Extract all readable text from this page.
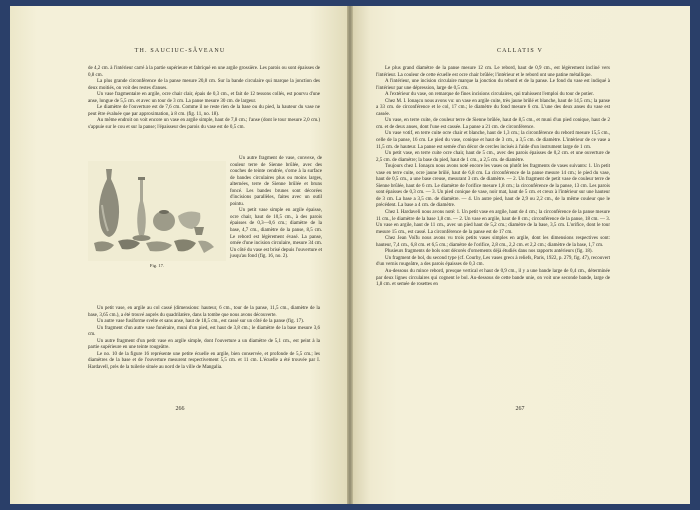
TH. SAUCIUC-SĂVEANU

de 4,2 cm. à l'intérieur carré à la partie supérieure et fabriqué en une argile grossière. Les parois ou sont épaisses de 0,8 cm.

La plus grande circonférence de la panse mesure 20,8 cm. Sur la bande circulaire qui marque la jonction des deux moitiés, on voit des restes d'anses.

Un vase fragmentaire en argile, ocre chair clair, épais de 0,3 cm., et fait de 12 tessons collés, est pourvu d'une anse, longue de 5,5 cm. et avec un tour de 3 cm. La panse mesure 30 cm. de largeur.

Le diamètre de l'ouverture est de 7,6 cm. Comme il ne reste rien de la base ou du pied, la hauteur du vase ne peut être évaluée que par approximation, à 8 cm. (fig. 11, no. 18).

Au même endroit on voit encore un vase en argile simple, haut de 7,8 cm.; l'anse (dont le tour mesure 2,0 cm.) s'appuie sur le cou et sur la panse; l'épaisseur des parois du vase est de 0,5 cm.

Fig. 17.

Un autre fragment de vase, convexe, de couleur terre de Sienne brûlée, avec des couches de teinte cendrée, s'orne à la surface de bandes circulaires plus ou moins larges, alternées, terre de Sienne brûlée et bruns foncé. Les bandes brunes sont décorées d'incisions parallèles, faites avec un outil pointu.

Un petit vase simple en argile épaisse, ocre chair, haut de 10,5 cm., à des parois épaisses de 0,3—0,6 cm.; diamètre de la base, 4,7 cm., diamètre de la panse, 8,5 cm. Le rebord est légèrement évasé. La panse, ornée d'une incision circulaire, mesure 34 cm. Un côté du vase est brisé depuis l'ouverture et jusqu'au fond (fig. 16, no. 2).

Un petit vase, en argile au col cassé (dimensions: hauteur, 6 cm., tour de la panse, 11,5 cm., diamètre de la base, 3,65 cm.), a été trouvé auprès du quadrilatère, dans la tombe que nous avons découverte.

Un autre vase fusiforme svelte et sans anse, haut de 18,5 cm., est cassé sur un côté de la panse (fig. 17).

Un fragment d'un autre vase funéraire, muni d'un pied, est haut de 3,8 cm.; le diamètre de la base mesure 3,6 cm.

Un autre fragment d'un petit vase en argile simple, dont l'ouverture a un diamètre de 5,1 cm., est peint à la partie supérieure en une teinte rougeâtre.

Le no. 10 de la figure 16 représente une petite écuelle en argile, bien conservée, et profonde de 5,5 cm.; les diamètres de la base et de l'ouverture mesurent respectivement 5,5 cm. et 11 cm. L'écuelle a été trouvée par I. Hardavell, près de la tuilerie située au nord de la ville de Mangalia.

266
CALLATIS V

Le plus grand diamètre de la panse mesure 12 cm. Le rebord, haut de 0,9 cm., est légèrement incliné vers l'intérieur. La couleur de cette écuelle est ocre chair brûlée; l'intérieur et le rebord ont une patine métallique.

A l'intérieur, une incision circulaire marque la jonction du rebord et de la panse. Le fond du vase est indiqué à l'intérieur par une dépression, large de 0,5 cm.

A l'extérieur du vase, on remarque de fines incisions circulaires, qui trahissent l'emploi du tour de potier.

Chez M. I. Ionaşcu nous avons vu: un vase en argile cuite, très jaune brûlé et blanche, haut de 14,5 cm.; la panse a 33 cm. de circonférence et le col, 17 cm.; le diamètre du fond mesure 6 cm. L'une des deux anses du vase est cassée.

Un vase, en terre cuite, de couleur terre de Sienne brûlée, haut de 8,5 cm., et muni d'un pied conique, haut de 2 cm. et de deux anses, dont l'une est cassée. La panse a 21 cm. de circonférence.

Un vase votif, en terre cuite ocre chair et blanche, haut de 1,3 cm.; la circonférence du rebord mesure 15,5 cm., celle de la panse, 16 cm. Le pied du vase, conique et haut de 3 cm., a 3,5 cm. de diamètre. L'intérieur de ce vase a 11,5 cm. de hauteur. La panse est semée d'un décor de cercles incisés à l'aide d'un instrument large de 1 cm.

Un petit vase, en terre cuite ocre chair, haut de 5 cm., avec des parois épaisses de 0,2 cm. et une ouverture de 2,5 cm. de diamètre; la base du pied, haut de 1 cm., a 2,5 cm. de diamètre.

Toujours chez I. Ionaşcu nous avons noté encore les vases ou plutôt les fragments de vases suivants: 1. Un petit vase en terre cuite, ocre jaune brûlé, haut de 6,8 cm. La circonférence de la panse mesure 14 cm.; le pied du vase, haut de 0,5 cm., a une base creuse, mesurant 3 cm. de diamètre. — 2. Un fragment de petit vase de couleur terre de Sienne brûlée, haut de 6 cm. Le diamètre de l'orifice mesure 1,8 cm.; la circonférence de la panse, 13 cm. Les parois sont épaisses de 0,3 cm. — 3. Un pied conique de vase, noir mat, haut de 5 cm. et creux à l'intérieur sur une hauteur de 3 cm. La base a 3,5 cm. de diamètre. — 4. Un autre pied, haut de 2,9 ou 2,2 cm., de la même couleur que le précédent. La base a 4 cm. de diamètre.

Chez I. Hardaveli nous avons noté: 1. Un petit vase en argile, haut de 4 cm.; la circonférence de la panse mesure 11 cm., le diamètre de la base 1,8 cm. — 2. Un vase en argile, haut de 8 cm.; circonférence de la panse, 18 cm. — 3. Un vase en argile, haut de 11 cm., avec un pied haut de 5,2 cm.; diamètre de la base, 3,5 cm. L'orifice, dont le tour mesure 15 cm., est cassé. La circonférence de la panse est de 17 cm.

Chez Jean Voïfu nous avons vu trois petits vases simples en argile, dont les dimensions respectives sont: hauteur, 7,4 cm., 6,8 cm. et 6,5 cm.; diamètre de l'orifice, 2,8 cm., 2,2 cm. et 2,2 cm.; diamètre de la base, 1,7 cm.

Plusieurs fragments de bols sont décorés d'ornements déjà étudiés dans nos rapports antérieurs (fig. 18).

Un fragment de bol, du second type (cf. Courby, Les vases grecs à reliefs, Paris, 1922, p. 279, fig. 47), recouvert d'un vernis rougeâtre, a des parois épaisses de 0,3 cm.

Au-dessous du mince rebord, presque vertical et haut de 0,9 cm., il y a une bande large de 0,4 cm., déterminée par deux lignes circulaires qui cognent le bol. Au-dessous de cette bande unie, on voit une seconde bande, large de 1,8 cm. et semée de rosettes en

267
